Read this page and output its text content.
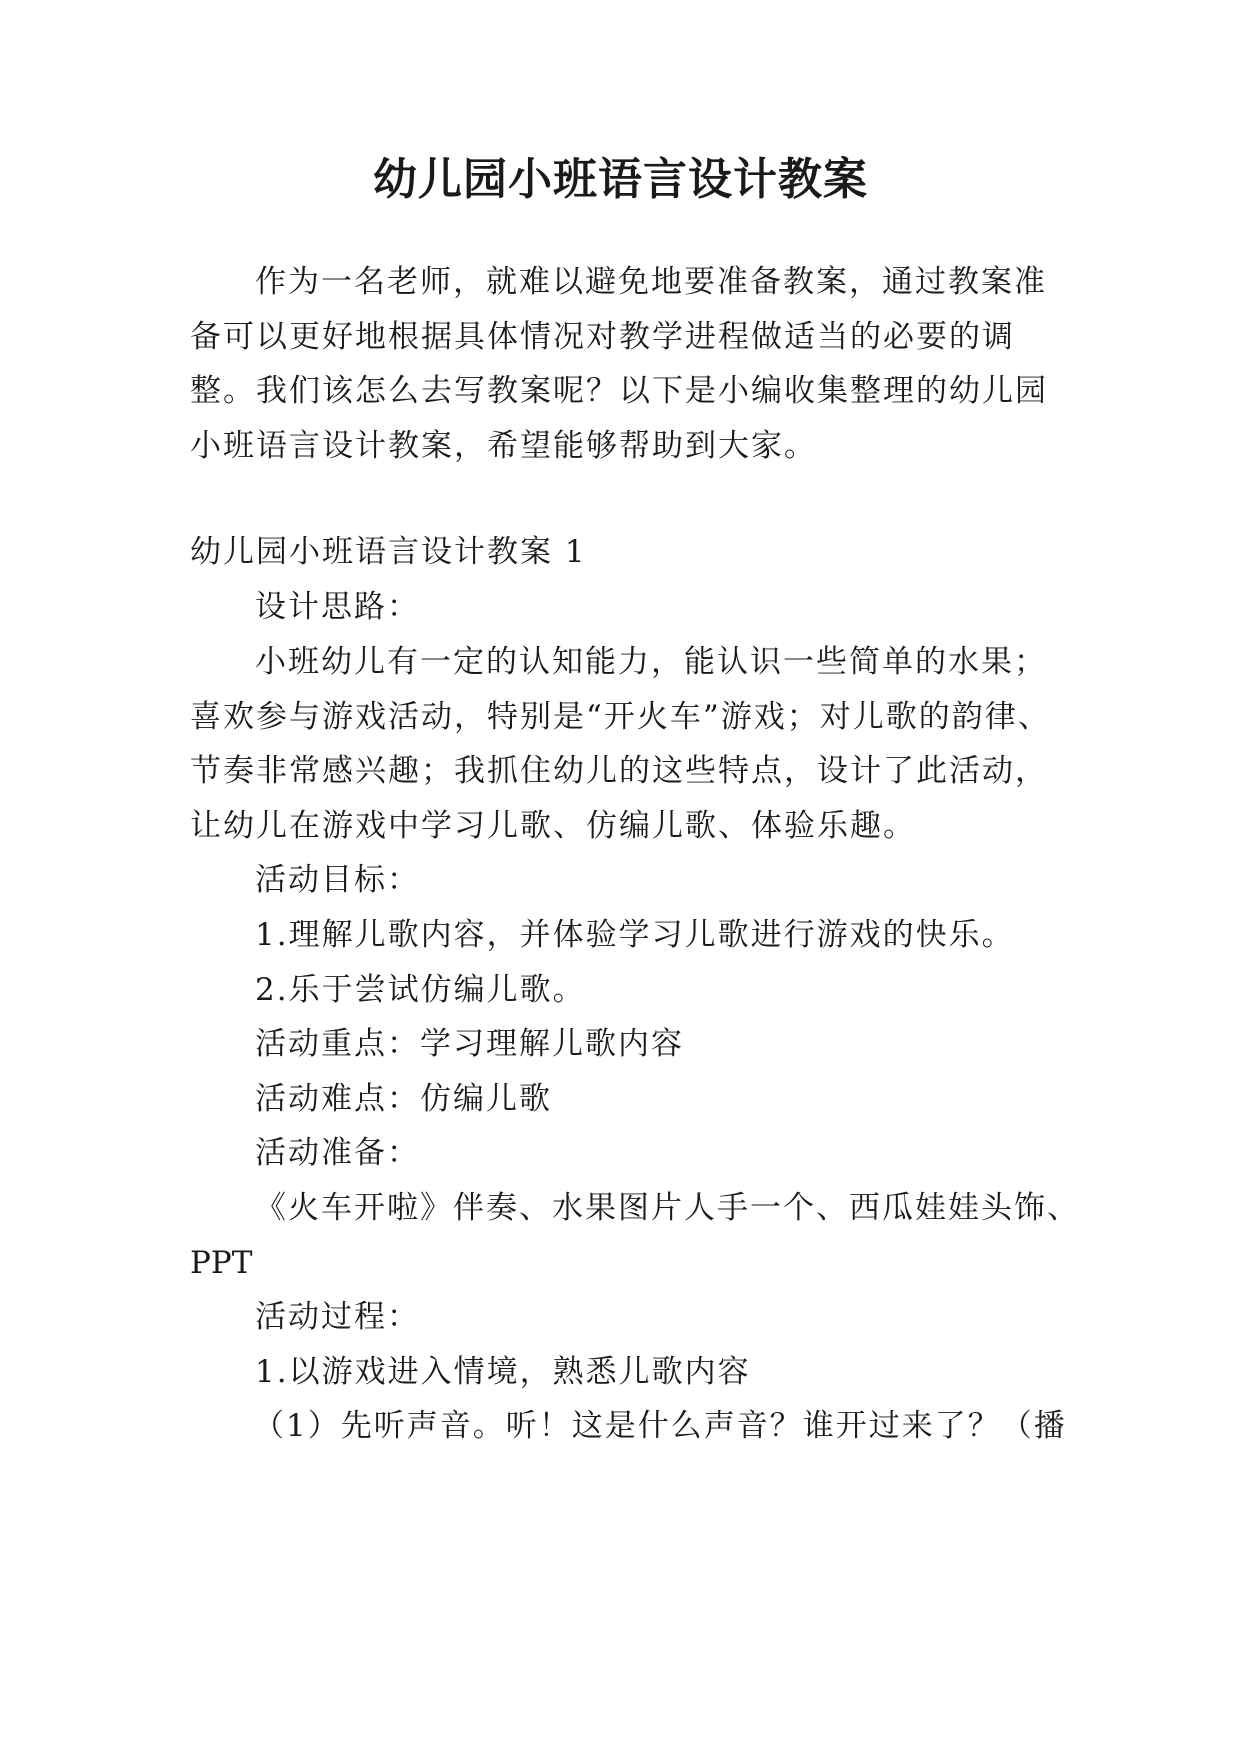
幼儿园小班语言设计教案
作为一名老师，就难以避免地要准备教案，通过教案准
备可以更好地根据具体情况对教学进程做适当的必要的调
整。我们该怎么去写教案呢？以下是小编收集整理的幼儿园
小班语言设计教案，希望能够帮助到大家。
幼儿园小班语言设计教案 1
设计思路：
小班幼儿有一定的认知能力，能认识一些简单的水果；
喜欢参与游戏活动，特别是“开火车”游戏；对儿歌的韵律、
节奏非常感兴趣；我抓住幼儿的这些特点，设计了此活动，
让幼儿在游戏中学习儿歌、仿编儿歌、体验乐趣。
活动目标：
1.理解儿歌内容，并体验学习儿歌进行游戏的快乐。
2.乐于尝试仿编儿歌。
活动重点：学习理解儿歌内容
活动难点：仿编儿歌
活动准备：
《火车开啦》伴奏、水果图片人手一个、西瓜娃娃头饰、
PPT
活动过程：
1.以游戏进入情境，熟悉儿歌内容
（1）先听声音。听！这是什么声音？谁开过来了？（播
